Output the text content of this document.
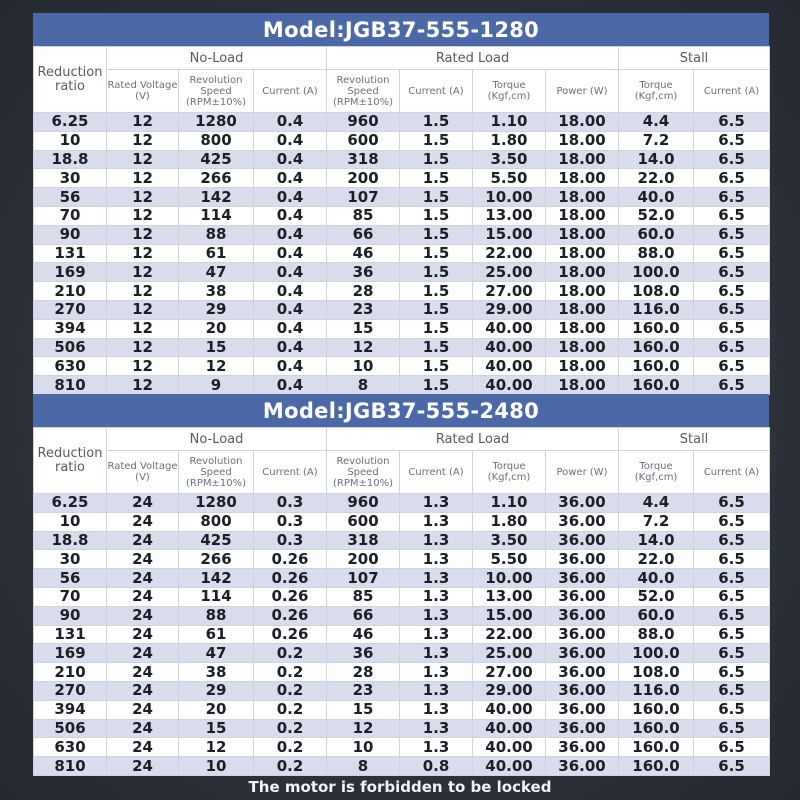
Model:JGB37-555-1280
Reduction ratio	No-Load			Rated Load				Stall	
	Rated Voltage (V)	Revolution Speed (RPM±10%)	Current (A)	Revolution Speed (RPM±10%)	Current (A)	Torque (Kgf,cm)	Power (W)	Torque (Kgf,cm)	Current (A)
6.25	12	1280	0.4	960	1.5	1.10	18.00	4.4	6.5
10	12	800	0.4	600	1.5	1.80	18.00	7.2	6.5
18.8	12	425	0.4	318	1.5	3.50	18.00	14.0	6.5
30	12	266	0.4	200	1.5	5.50	18.00	22.0	6.5
56	12	142	0.4	107	1.5	10.00	18.00	40.0	6.5
70	12	114	0.4	85	1.5	13.00	18.00	52.0	6.5
90	12	88	0.4	66	1.5	15.00	18.00	60.0	6.5
131	12	61	0.4	46	1.5	22.00	18.00	88.0	6.5
169	12	47	0.4	36	1.5	25.00	18.00	100.0	6.5
210	12	38	0.4	28	1.5	27.00	18.00	108.0	6.5
270	12	29	0.4	23	1.5	29.00	18.00	116.0	6.5
394	12	20	0.4	15	1.5	40.00	18.00	160.0	6.5
506	12	15	0.4	12	1.5	40.00	18.00	160.0	6.5
630	12	12	0.4	10	1.5	40.00	18.00	160.0	6.5
810	12	9	0.4	8	1.5	40.00	18.00	160.0	6.5
Model:JGB37-555-2480
Reduction ratio	No-Load			Rated Load				Stall	
	Rated Voltage (V)	Revolution Speed (RPM±10%)	Current (A)	Revolution Speed (RPM±10%)	Current (A)	Torque (Kgf,cm)	Power (W)	Torque (Kgf,cm)	Current (A)
6.25	24	1280	0.3	960	1.3	1.10	36.00	4.4	6.5
10	24	800	0.3	600	1.3	1.80	36.00	7.2	6.5
18.8	24	425	0.3	318	1.3	3.50	36.00	14.0	6.5
30	24	266	0.26	200	1.3	5.50	36.00	22.0	6.5
56	24	142	0.26	107	1.3	10.00	36.00	40.0	6.5
70	24	114	0.26	85	1.3	13.00	36.00	52.0	6.5
90	24	88	0.26	66	1.3	15.00	36.00	60.0	6.5
131	24	61	0.26	46	1.3	22.00	36.00	88.0	6.5
169	24	47	0.2	36	1.3	25.00	36.00	100.0	6.5
210	24	38	0.2	28	1.3	27.00	36.00	108.0	6.5
270	24	29	0.2	23	1.3	29.00	36.00	116.0	6.5
394	24	20	0.2	15	1.3	40.00	36.00	160.0	6.5
506	24	15	0.2	12	1.3	40.00	36.00	160.0	6.5
630	24	12	0.2	10	1.3	40.00	36.00	160.0	6.5
810	24	10	0.2	8	0.8	40.00	36.00	160.0	6.5
The motor is forbidden to be locked
